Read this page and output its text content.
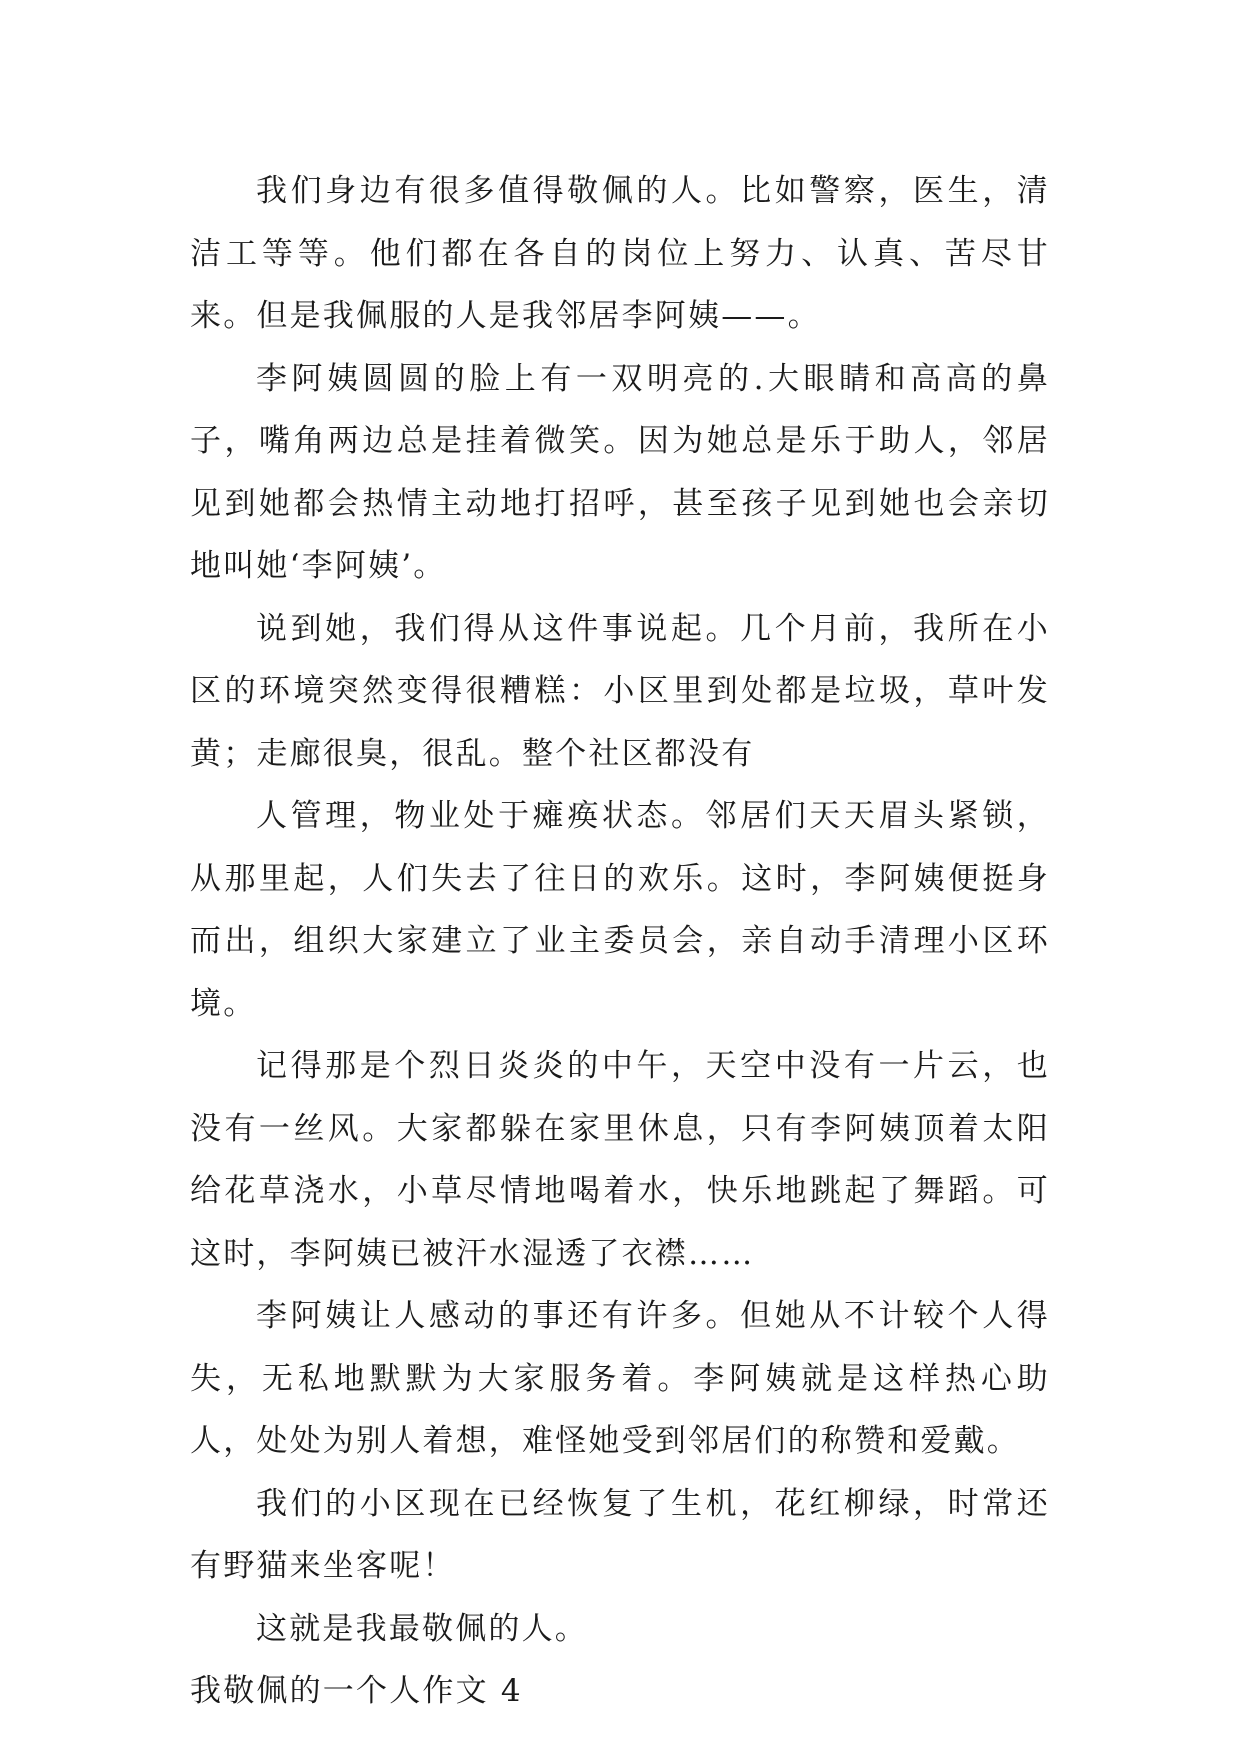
我们身边有很多值得敬佩的人。比如警察，医生，清洁工等等。他们都在各自的岗位上努力、认真、苦尽甘来。但是我佩服的人是我邻居李阿姨——。

李阿姨圆圆的脸上有一双明亮的.大眼睛和高高的鼻子，嘴角两边总是挂着微笑。因为她总是乐于助人，邻居见到她都会热情主动地打招呼，甚至孩子见到她也会亲切地叫她‘李阿姨’。

说到她，我们得从这件事说起。几个月前，我所在小区的环境突然变得很糟糕：小区里到处都是垃圾，草叶发黄；走廊很臭，很乱。整个社区都没有

人管理，物业处于瘫痪状态。邻居们天天眉头紧锁，从那里起，人们失去了往日的欢乐。这时，李阿姨便挺身而出，组织大家建立了业主委员会，亲自动手清理小区环境。

记得那是个烈日炎炎的中午，天空中没有一片云，也没有一丝风。大家都躲在家里休息，只有李阿姨顶着太阳给花草浇水，小草尽情地喝着水，快乐地跳起了舞蹈。可这时，李阿姨已被汗水湿透了衣襟……

李阿姨让人感动的事还有许多。但她从不计较个人得失，无私地默默为大家服务着。李阿姨就是这样热心助人，处处为别人着想，难怪她受到邻居们的称赞和爱戴。

我们的小区现在已经恢复了生机，花红柳绿，时常还有野猫来坐客呢！

这就是我最敬佩的人。

我敬佩的一个人作文 4
